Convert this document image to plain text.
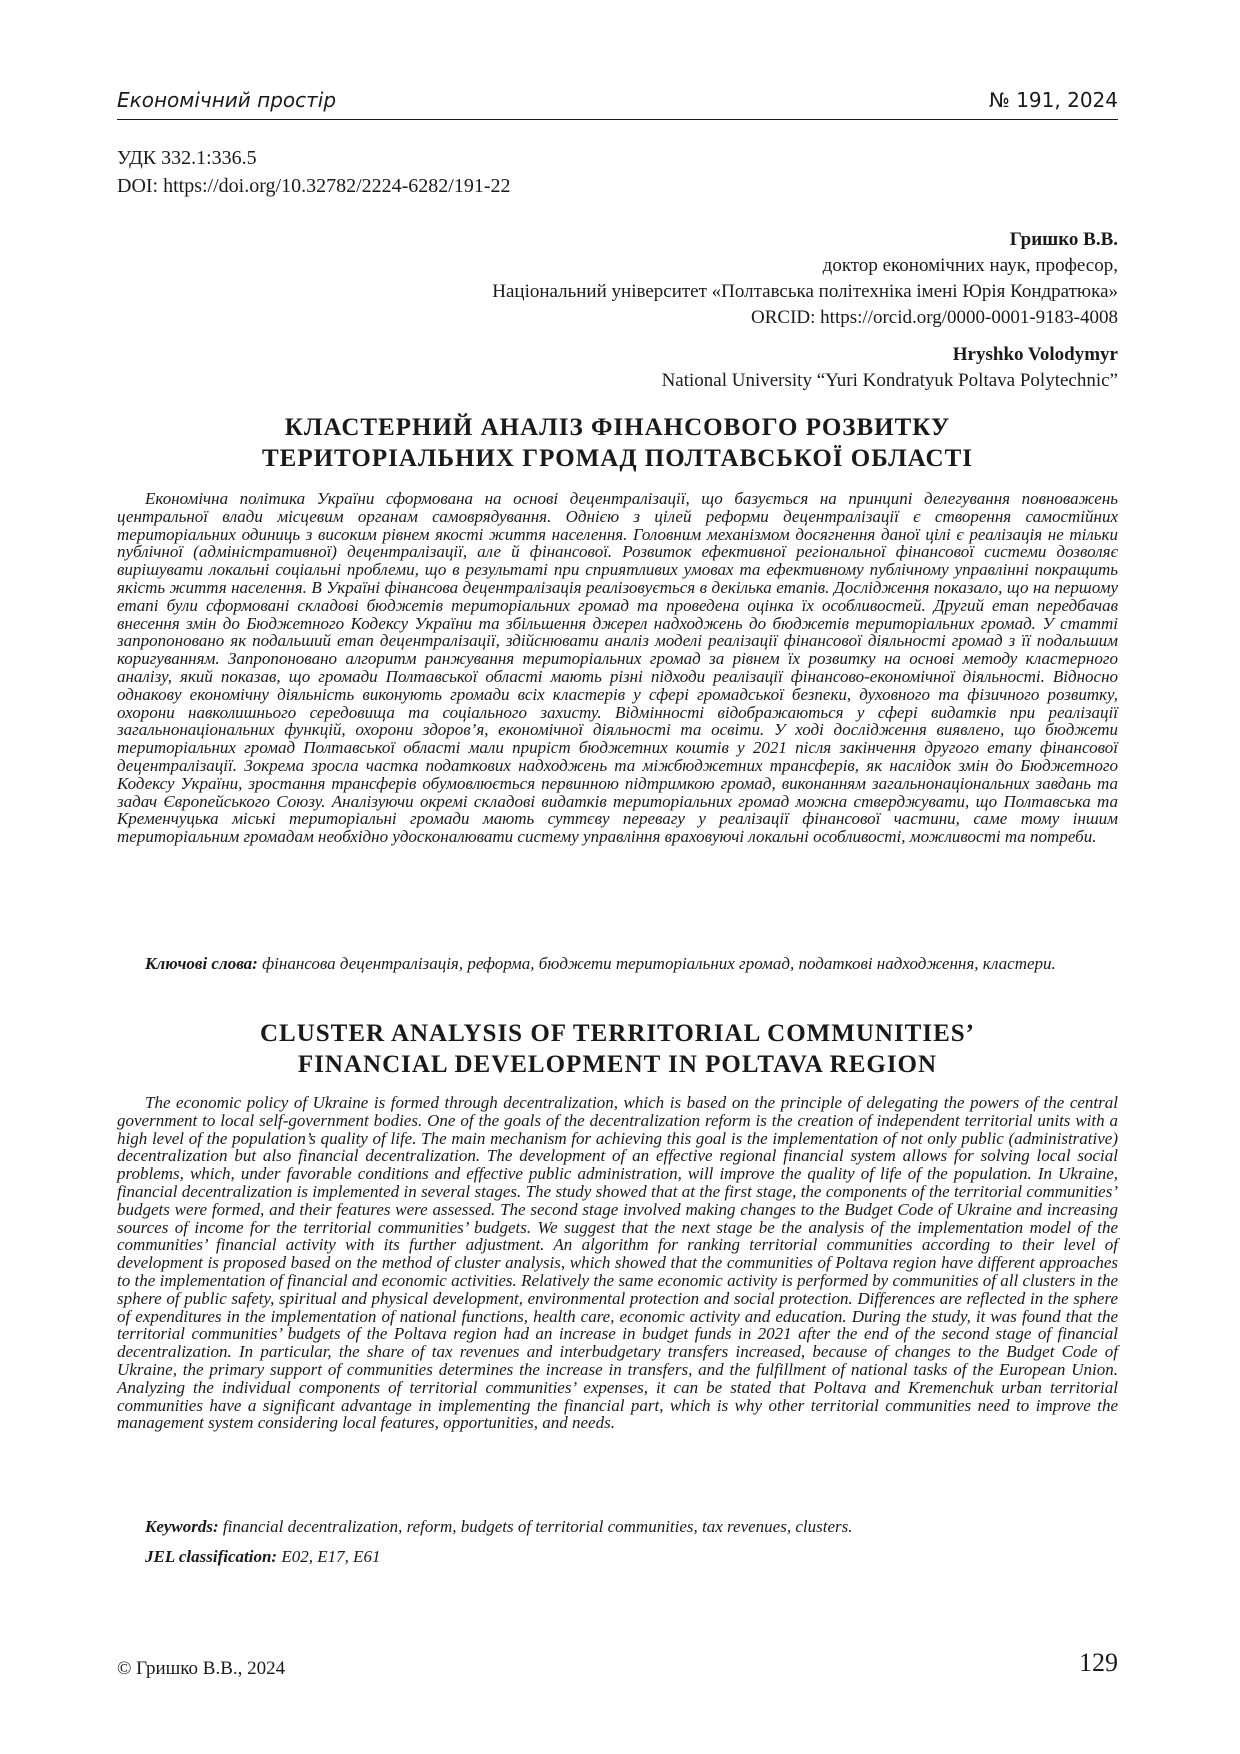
Економічний простір	№ 191, 2024
УДК 332.1:336.5
DOI: https://doi.org/10.32782/2224-6282/191-22
Гришко В.В.
доктор економічних наук, професор,
Національний університет «Полтавська політехніка імені Юрія Кондратюка»
ORCID: https://orcid.org/0000-0001-9183-4008
Hryshko Volodymyr
National University “Yuri Kondratyuk Poltava Polytechnic”
КЛАСТЕРНИЙ АНАЛІЗ ФІНАНСОВОГО РОЗВИТКУ
ТЕРИТОРІАЛЬНИХ ГРОМАД ПОЛТАВСЬКОЇ ОБЛАСТІ
Економічна політика України сформована на основі децентралізації, що базується на принципі делегування повноважень центральної влади місцевим органам самоврядування. Однією з цілей реформи децентралізації є створення самостійних територіальних одиниць з високим рівнем якості життя населення. Головним механізмом досягнення даної цілі є реалізація не тільки публічної (адміністративної) децентралізації, але й фінансової. Розвиток ефективної регіональної фінансової системи дозволяє вирішувати локальні соціальні проблеми, що в результаті при сприятливих умовах та ефективному публічному управлінні покращить якість життя населення. В Україні фінансова децентралізація реалізовується в декілька етапів. Дослідження показало, що на першому етапі були сформовані складові бюджетів територіальних громад та проведена оцінка їх особливостей. Другий етап передбачав внесення змін до Бюджетного Кодексу України та збільшення джерел надходжень до бюджетів територіальних громад. У статті запропоновано як подальший етап децентралізації, здійснювати аналіз моделі реалізації фінансової діяльності громад з її подальшим коригуванням. Запропоновано алгоритм ранжування територіальних громад за рівнем їх розвитку на основі методу кластерного аналізу, який показав, що громади Полтавської області мають різні підходи реалізації фінансово-економічної діяльності. Відносно однакову економічну діяльність виконують громади всіх кластерів у сфері громадської безпеки, духовного та фізичного розвитку, охорони навколишнього середовища та соціального захисту. Відмінності відображаються у сфері видатків при реалізації загальнонаціональних функцій, охорони здоров’я, економічної діяльності та освіти. У ході дослідження виявлено, що бюджети територіальних громад Полтавської області мали приріст бюджетних коштів у 2021 після закінчення другого етапу фінансової децентралізації. Зокрема зросла частка податкових надходжень та міжбюджетних трансферів, як наслідок змін до Бюджетного Кодексу України, зростання трансферів обумовлюється первинною підтримкою громад, виконанням загальнонаціональних завдань та задач Європейського Союзу. Аналізуючи окремі складові видатків територіальних громад можна стверджувати, що Полтавська та Кременчуцька міські територіальні громади мають суттєву перевагу у реалізації фінансової частини, саме тому іншим територіальним громадам необхідно удосконалювати систему управління враховуючі локальні особливості, можливості та потреби.
Ключові слова: фінансова децентралізація, реформа, бюджети територіальних громад, податкові надходження, кластери.
CLUSTER ANALYSIS OF TERRITORIAL COMMUNITIES’
FINANCIAL DEVELOPMENT IN POLTAVA REGION
The economic policy of Ukraine is formed through decentralization, which is based on the principle of delegating the powers of the central government to local self-government bodies. One of the goals of the decentralization reform is the creation of independent territorial units with a high level of the population’s quality of life. The main mechanism for achieving this goal is the implementation of not only public (administrative) decentralization but also financial decentralization. The development of an effective regional financial system allows for solving local social problems, which, under favorable conditions and effective public administration, will improve the quality of life of the population. In Ukraine, financial decentralization is implemented in several stages. The study showed that at the first stage, the components of the territorial communities’ budgets were formed, and their features were assessed. The second stage involved making changes to the Budget Code of Ukraine and increasing sources of income for the territorial communities’ budgets. We suggest that the next stage be the analysis of the implementation model of the communities’ financial activity with its further adjustment. An algorithm for ranking territorial communities according to their level of development is proposed based on the method of cluster analysis, which showed that the communities of Poltava region have different approaches to the implementation of financial and economic activities. Relatively the same economic activity is performed by communities of all clusters in the sphere of public safety, spiritual and physical development, environmental protection and social protection. Differences are reflected in the sphere of expenditures in the implementation of national functions, health care, economic activity and education. During the study, it was found that the territorial communities’ budgets of the Poltava region had an increase in budget funds in 2021 after the end of the second stage of financial decentralization. In particular, the share of tax revenues and interbudgetary transfers increased, because of changes to the Budget Code of Ukraine, the primary support of communities determines the increase in transfers, and the fulfillment of national tasks of the European Union. Analyzing the individual components of territorial communities’ expenses, it can be stated that Poltava and Kremenchuk urban territorial communities have a significant advantage in implementing the financial part, which is why other territorial communities need to improve the management system considering local features, opportunities, and needs.
Keywords: financial decentralization, reform, budgets of territorial communities, tax revenues, clusters.
JEL classification: E02, E17, E61
© Гришко В.В., 2024	129
